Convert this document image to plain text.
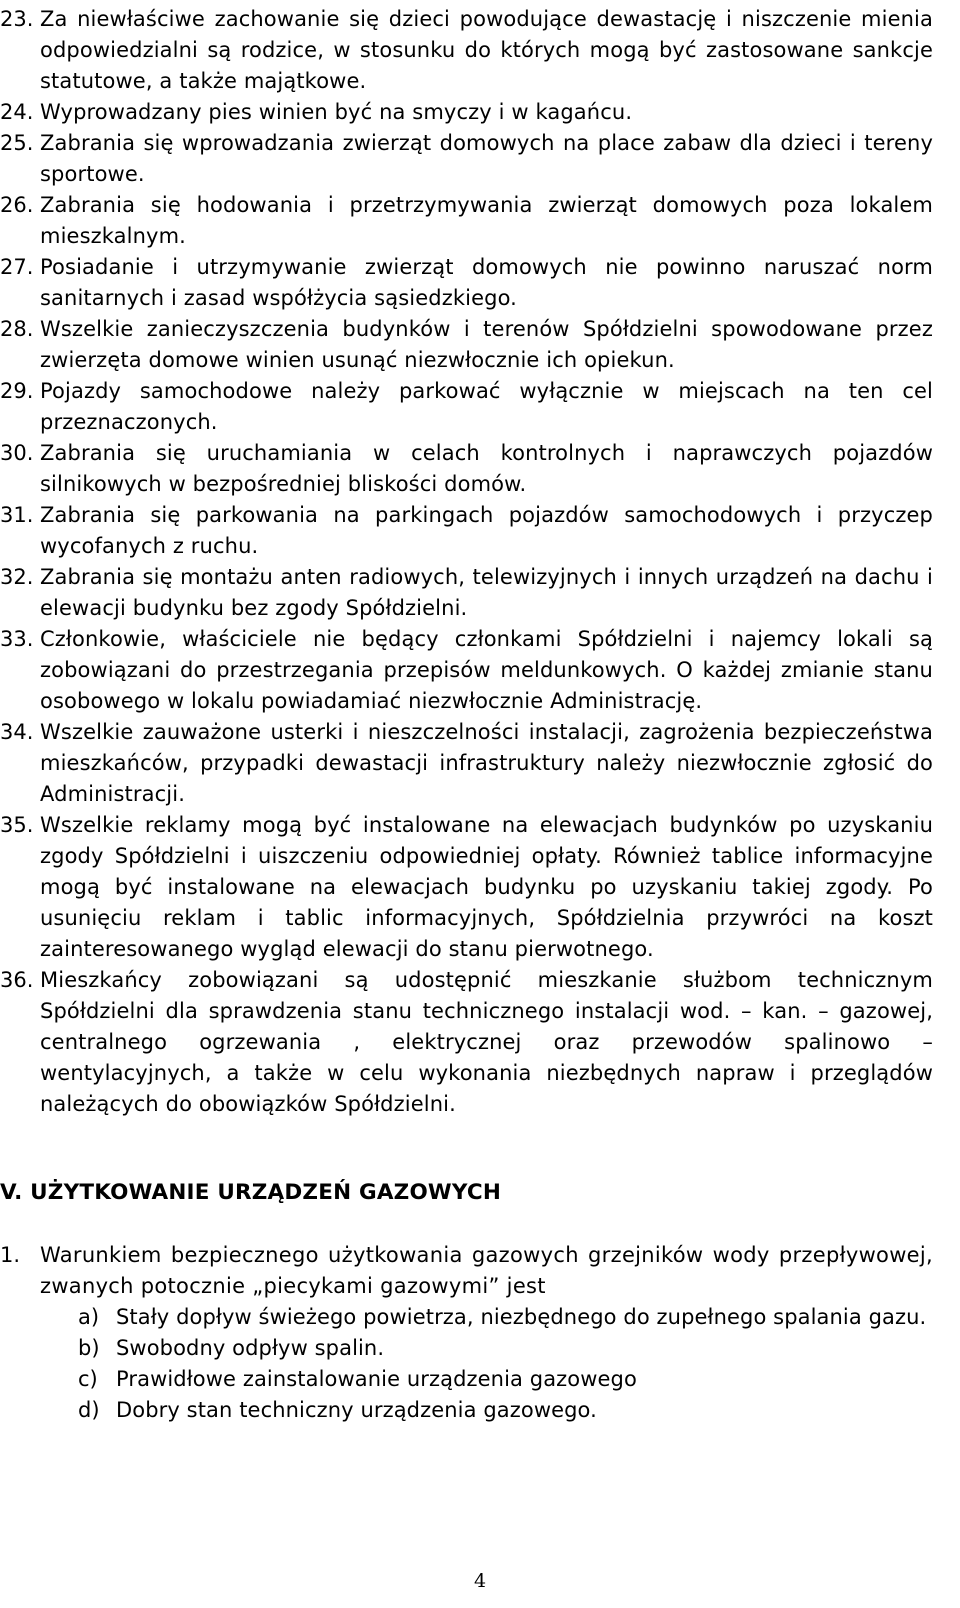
23. Za niewłaściwe zachowanie się dzieci powodujące dewastację i niszczenie mienia odpowiedzialni są rodzice, w stosunku do których mogą być zastosowane sankcje statutowe, a także majątkowe.
24. Wyprowadzany pies winien być na smyczy i w kagańcu.
25. Zabrania się wprowadzania zwierząt domowych na place zabaw dla dzieci i tereny sportowe.
26. Zabrania się hodowania i przetrzymywania zwierząt domowych poza lokalem mieszkalnym.
27. Posiadanie i utrzymywanie zwierząt domowych nie powinno naruszać norm sanitarnych i zasad współżycia sąsiedzkiego.
28. Wszelkie zanieczyszczenia budynków i terenów Spółdzielni spowodowane przez zwierzęta domowe winien usunąć niezwłocznie ich opiekun.
29. Pojazdy samochodowe należy parkować wyłącznie w miejscach na ten cel przeznaczonych.
30. Zabrania się uruchamiania w celach kontrolnych i naprawczych pojazdów silnikowych w bezpośredniej bliskości domów.
31. Zabrania się parkowania na parkingach pojazdów samochodowych i przyczep wycofanych z ruchu.
32. Zabrania się montażu anten radiowych, telewizyjnych i innych urządzeń na dachu i elewacji budynku bez zgody Spółdzielni.
33. Członkowie, właściciele nie będący członkami Spółdzielni i najemcy lokali są zobowiązani do przestrzegania przepisów meldunkowych. O każdej zmianie stanu osobowego w lokalu powiadamiać niezwłocznie Administrację.
34. Wszelkie zauważone usterki i nieszczelności instalacji, zagrożenia bezpieczeństwa mieszkańców, przypadki dewastacji infrastruktury należy niezwłocznie zgłosić do Administracji.
35. Wszelkie reklamy mogą być instalowane na elewacjach budynków po uzyskaniu zgody Spółdzielni i uiszczeniu odpowiedniej opłaty. Również tablice informacyjne mogą być instalowane na elewacjach budynku po uzyskaniu takiej zgody. Po usunięciu reklam i tablic informacyjnych, Spółdzielnia przywróci na koszt zainteresowanego wygląd elewacji do stanu pierwotnego.
36. Mieszkańcy zobowiązani są udostępnić mieszkanie służbom technicznym Spółdzielni dla sprawdzenia stanu technicznego instalacji wod. – kan. – gazowej, centralnego ogrzewania , elektrycznej oraz przewodów spalinowo – wentylacyjnych, a także w celu wykonania niezbędnych napraw i przeglądów należących do obowiązków Spółdzielni.
V. UŻYTKOWANIE URZĄDZEŃ GAZOWYCH
1. Warunkiem bezpiecznego użytkowania gazowych grzejników wody przepływowej, zwanych potocznie „piecykami gazowymi” jest
a) Stały dopływ świeżego powietrza, niezbędnego do zupełnego spalania gazu.
b) Swobodny odpływ spalin.
c) Prawidłowe zainstalowanie urządzenia gazowego
d) Dobry stan techniczny urządzenia gazowego.
4
